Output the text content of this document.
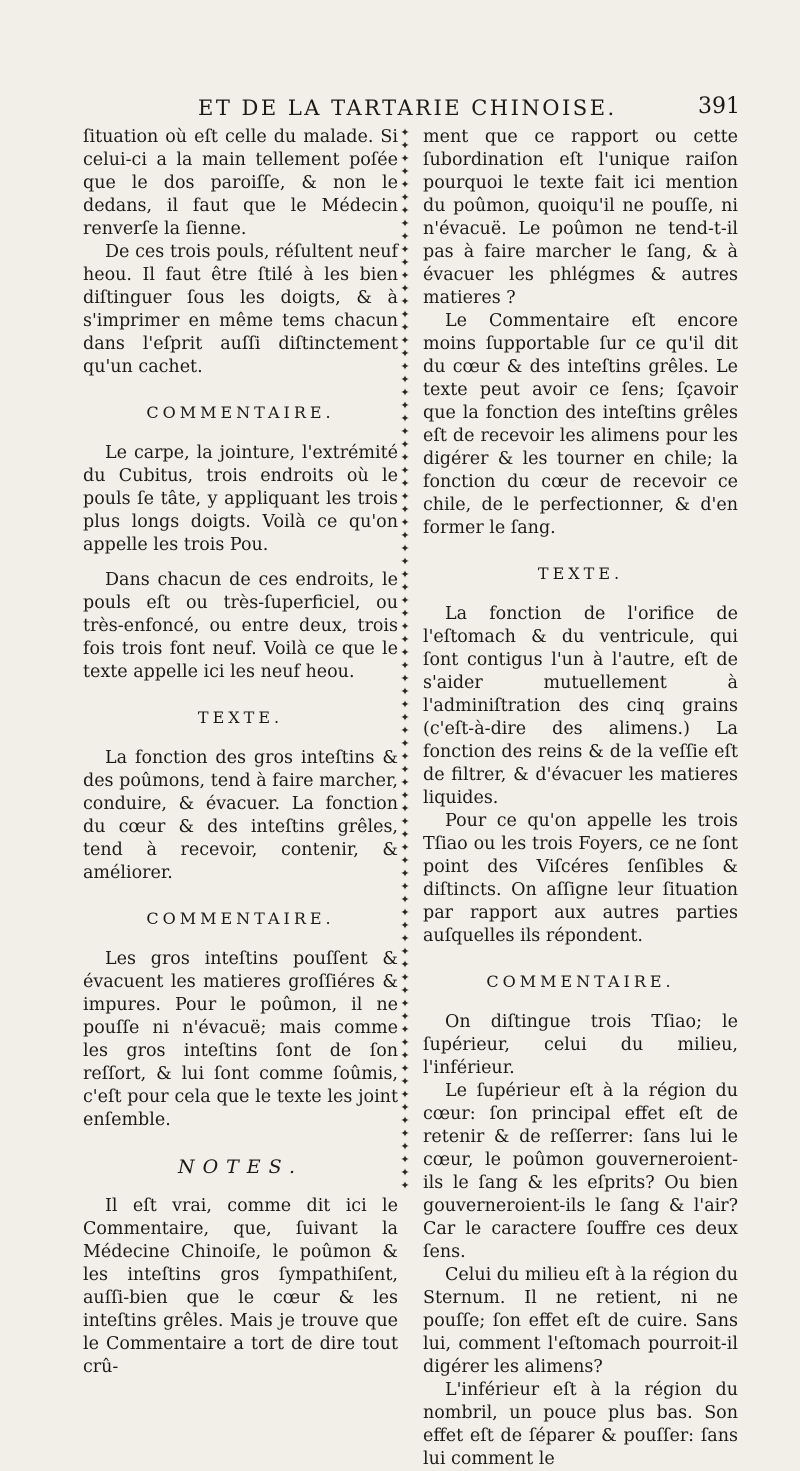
ET DE LA TARTARIE CHINOISE.	391

ſituation où eſt celle du malade. Si celui-ci a la main tellement poſée que le dos paroiſſe, & non le dedans, il faut que le Médecin renverſe la ſienne.

De ces trois pouls, réſultent neuf heou. Il faut être ſtilé à les bien diſtinguer ſous les doigts, & à s'imprimer en même tems chacun dans l'eſprit auſſi diſtinctement qu'un cachet.

COMMENTAIRE.

Le carpe, la jointure, l'extrémité du Cubitus, trois endroits où le pouls ſe tâte, y appliquant les trois plus longs doigts. Voilà ce qu'on appelle les trois Pou.

Dans chacun de ces endroits, le pouls eſt ou très-ſuperficiel, ou très-enfoncé, ou entre deux, trois fois trois font neuf. Voilà ce que le texte appelle ici les neuf heou.

TEXTE.

La fonction des gros inteſtins & des poûmons, tend à faire marcher, conduire, & évacuer. La fonction du cœur & des inteſtins grêles, tend à recevoir, contenir, & améliorer.

COMMENTAIRE.

Les gros inteſtins pouſſent & évacuent les matieres groſſiéres & impures. Pour le poûmon, il ne pouſſe ni n'évacuë; mais comme les gros inteſtins ſont de ſon reſſort, & lui ſont comme ſoûmis, c'eſt pour cela que le texte les joint enſemble.

NOTES.

Il eſt vrai, comme dit ici le Commentaire, que, ſuivant la Médecine Chinoiſe, le poûmon & les inteſtins gros ſympathiſent, auſſi-bien que le cœur & les inteſtins grêles. Mais je trouve que le Commentaire a tort de dire tout crû-

✦
✦
✦
✦
✦
✦
✦
✦
✦
✦
✦
✦
✦
✦
✦
✦
✦
✦
✦
✦
✦
✦
✦
✦
✦
✦
✦
✦
✦
✦
✦
✦
✦
✦
✦
✦
✦
✦
✦
✦
✦
✦
✦
✦
✦
✦
✦
✦
✦
✦
✦
✦
✦
✦
✦
✦
✦
✦
✦
✦
✦
✦
✦
✦
✦
✦
✦
✦
✦
✦
✦
✦
✦
✦
✦
✦
✦
✦
✦
✦
✦
✦

ment que ce rapport ou cette ſubordination eſt l'unique raiſon pourquoi le texte fait ici mention du poûmon, quoiqu'il ne pouſſe, ni n'évacuë. Le poûmon ne tend-t-il pas à faire marcher le ſang, & à évacuer les phlégmes & autres matieres ?

Le Commentaire eſt encore moins ſupportable ſur ce qu'il dit du cœur & des inteſtins grêles. Le texte peut avoir ce ſens; ſçavoir que la fonction des inteſtins grêles eſt de recevoir les alimens pour les digérer & les tourner en chile; la fonction du cœur de recevoir ce chile, de le perfectionner, & d'en former le ſang.

TEXTE.

La fonction de l'orifice de l'eſtomach & du ventricule, qui ſont contigus l'un à l'autre, eſt de s'aider mutuellement à l'adminiſtration des cinq grains (c'eſt-à-dire des alimens.) La fonction des reins & de la veſſie eſt de filtrer, & d'évacuer les matieres liquides.

Pour ce qu'on appelle les trois Tſiao ou les trois Foyers, ce ne ſont point des Viſcéres ſenſibles & diſtincts. On aſſigne leur ſituation par rapport aux autres parties auſquelles ils répondent.

COMMENTAIRE.

On diſtingue trois Tſiao; le ſupérieur, celui du milieu, l'inférieur.

Le ſupérieur eſt à la région du cœur: ſon principal effet eſt de retenir & de reſſerrer: ſans lui le cœur, le poûmon gouverneroient-ils le ſang & les eſprits? Ou bien gouverneroient-ils le ſang & l'air? Car le caractere ſouffre ces deux ſens.

Celui du milieu eſt à la région du Sternum. Il ne retient, ni ne pouſſe; ſon effet eſt de cuire. Sans lui, comment l'eſtomach pourroit-il digérer les alimens?

L'inférieur eſt à la région du nombril, un pouce plus bas. Son effet eſt de ſéparer & pouſſer: ſans lui comment le
